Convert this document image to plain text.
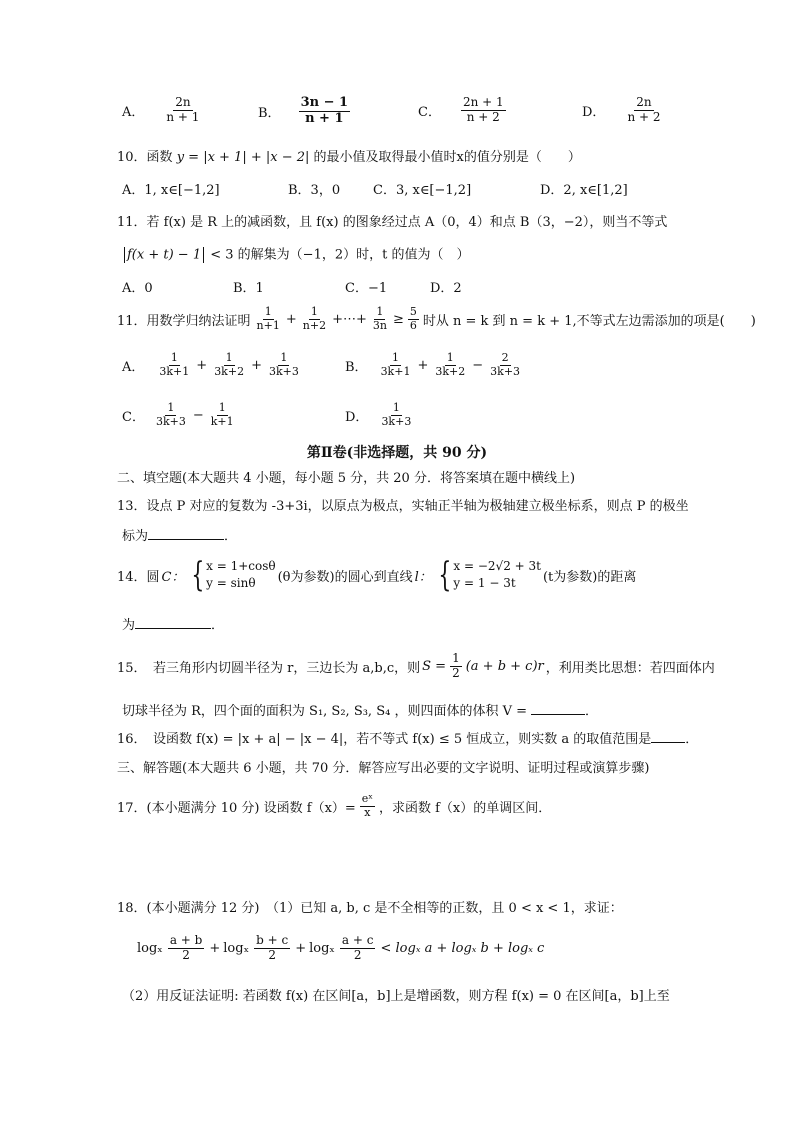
A． $\frac{2n}{n + 1}$	B． $\frac{3n - 1}{n + 1}$	C． $\frac{2n + 1}{n + 2}$	D． $\frac{2n}{n + 2}$
10．函数 y = |x + 1| + |x − 2| 的最小值及取得最小值时x的值分别是（　　）
A．1, x∈[−1,2]	B．3，0	C．3, x∈[−1,2]	D．2, x∈[1,2]
11．若 f(x) 是 R 上的减函数，且 f(x) 的图象经过点 A（0，4）和点 B（3，−2），则当不等式
f(x + t) − 1 < 3 的解集为（−1，2）时，t 的值为（　）
A．0	B．1	C．−1	D．2
11．用数学归纳法证明 $\frac{1}{n+1} + \frac{1}{n+2}$ +⋯+ $\frac{1}{3n} \ge \frac{5}{6}$ 时从 n = k 到 n = k + 1,不等式左边需添加的项是(　　)
A． $\frac{1}{3k+1} + \frac{1}{3k+2} + \frac{1}{3k+3}$	B． $\frac{1}{3k+1} + \frac{1}{3k+2} - \frac{2}{3k+3}$
C． $\frac{1}{3k+3} - \frac{1}{k+1}$	D． $\frac{1}{3k+3}$
第Ⅱ卷(非选择题，共 90 分)
二、填空题(本大题共 4 小题，每小题 5 分，共 20 分．将答案填在题中横线上)
13．设点 P 对应的复数为 -3+3i，以原点为极点，实轴正半轴为极轴建立极坐标系，则点 P 的极坐
标为	．
14．圆 C： { x = 1+cosθ
y = sinθ	(θ为参数)的圆心到直线 l： { x = −2√2 + 3t
y = 1 − 3t	(t为参数)的距离
为	．
15．　若三角形内切圆半径为 r，三边长为 a,b,c，则 $S = \frac{1}{2} (a + b + c)r$ ，利用类比思想：若四面体内
切球半径为 R，四个面的面积为 S₁, S₂, S₃, S₄ ，则四面体的体积 V =	．
16．　设函数 f(x) = |x + a| − |x − 4|，若不等式 f(x) ≤ 5 恒成立，则实数 a 的取值范围是	．
三、解答题(本大题共 6 小题，共 70 分．解答应写出必要的文字说明、证明过程或演算步骤)
17．(本小题满分 10 分) 设函数 $f(x)= \frac{\text{eˣ}}{x}$ ，求函数 f（x）的单调区间．
18．(本小题满分 12 分)　（1）已知 a, b, c 是不全相等的正数，且 0 < x < 1，求证：
logₓ $\frac{a + b}{2} + \log_x \frac{b + c}{2} + \log_x \frac{a + c}{2} < \log_x$ a + logₓ b + logₓ c
（2）用反证法证明: 若函数 f(x) 在区间[a，b]上是增函数，则方程 f(x) = 0 在区间[a，b]上至
